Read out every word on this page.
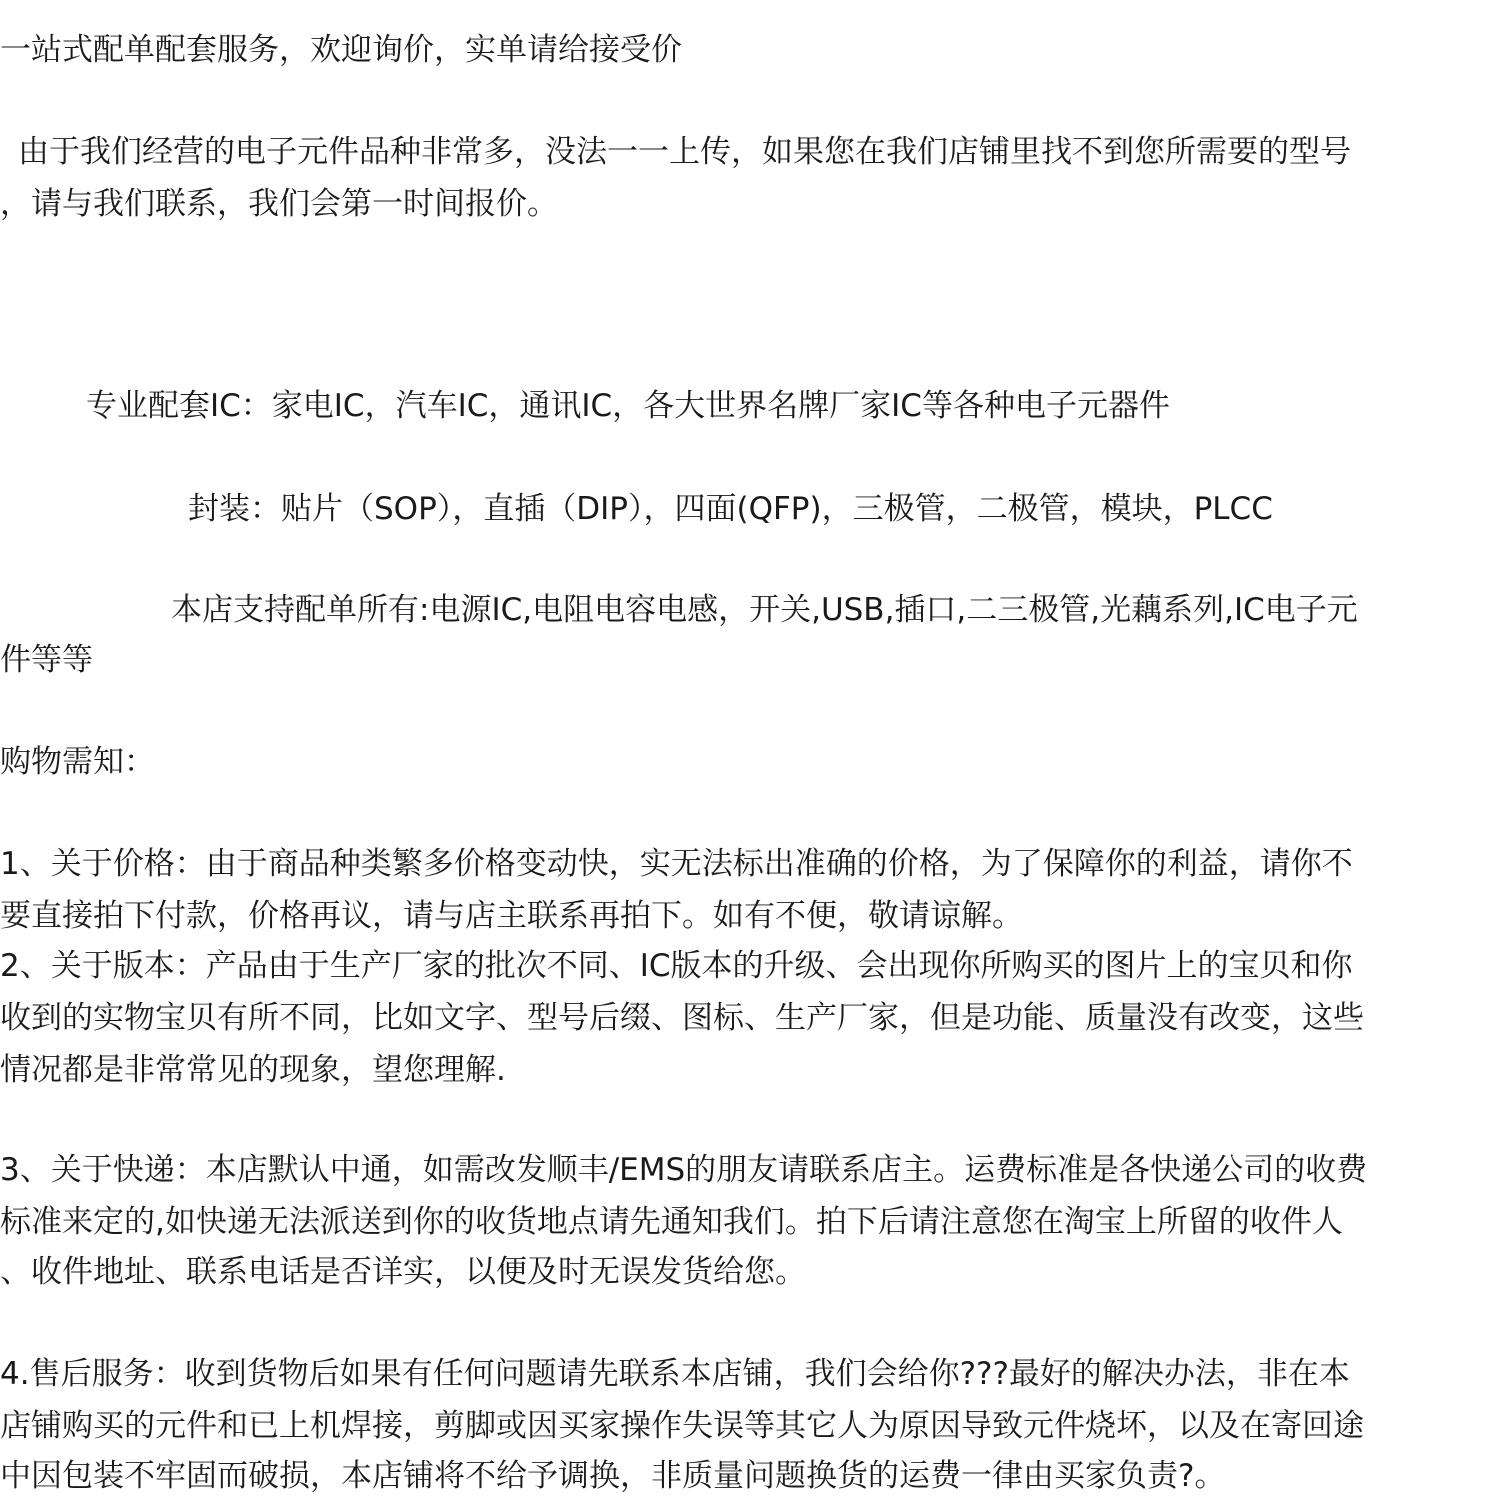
一站式配单配套服务，欢迎询价，实单请给接受价
由于我们经营的电子元件品种非常多，没法一一上传，如果您在我们店铺里找不到您所需要的型号
，请与我们联系，我们会第一时间报价。
专业配套IC：家电IC，汽车IC，通讯IC，各大世界名牌厂家IC等各种电子元器件
封装：贴片（SOP），直插（DIP），四面(QFP)，三极管，二极管，模块，PLCC
本店支持配单所有:电源IC,电阻电容电感，开关,USB,插口,二三极管,光藕系列,IC电子元
件等等
购物需知：
1、关于价格：由于商品种类繁多价格变动快，实无法标出准确的价格，为了保障你的利益，请你不
要直接拍下付款，价格再议，请与店主联系再拍下。如有不便，敬请谅解。
2、关于版本：产品由于生产厂家的批次不同、IC版本的升级、会出现你所购买的图片上的宝贝和你
收到的实物宝贝有所不同，比如文字、型号后缀、图标、生产厂家，但是功能、质量没有改变，这些
情况都是非常常见的现象，望您理解.
3、关于快递：本店默认中通，如需改发顺丰/EMS的朋友请联系店主。运费标准是各快递公司的收费
标准来定的,如快递无法派送到你的收货地点请先通知我们。拍下后请注意您在淘宝上所留的收件人
、收件地址、联系电话是否详实，以便及时无误发货给您。
4.售后服务：收到货物后如果有任何问题请先联系本店铺，我们会给你???最好的解决办法，非在本
店铺购买的元件和已上机焊接，剪脚或因买家操作失误等其它人为原因导致元件烧坏，以及在寄回途
中因包装不牢固而破损，本店铺将不给予调换，非质量问题换货的运费一律由买家负责?。
